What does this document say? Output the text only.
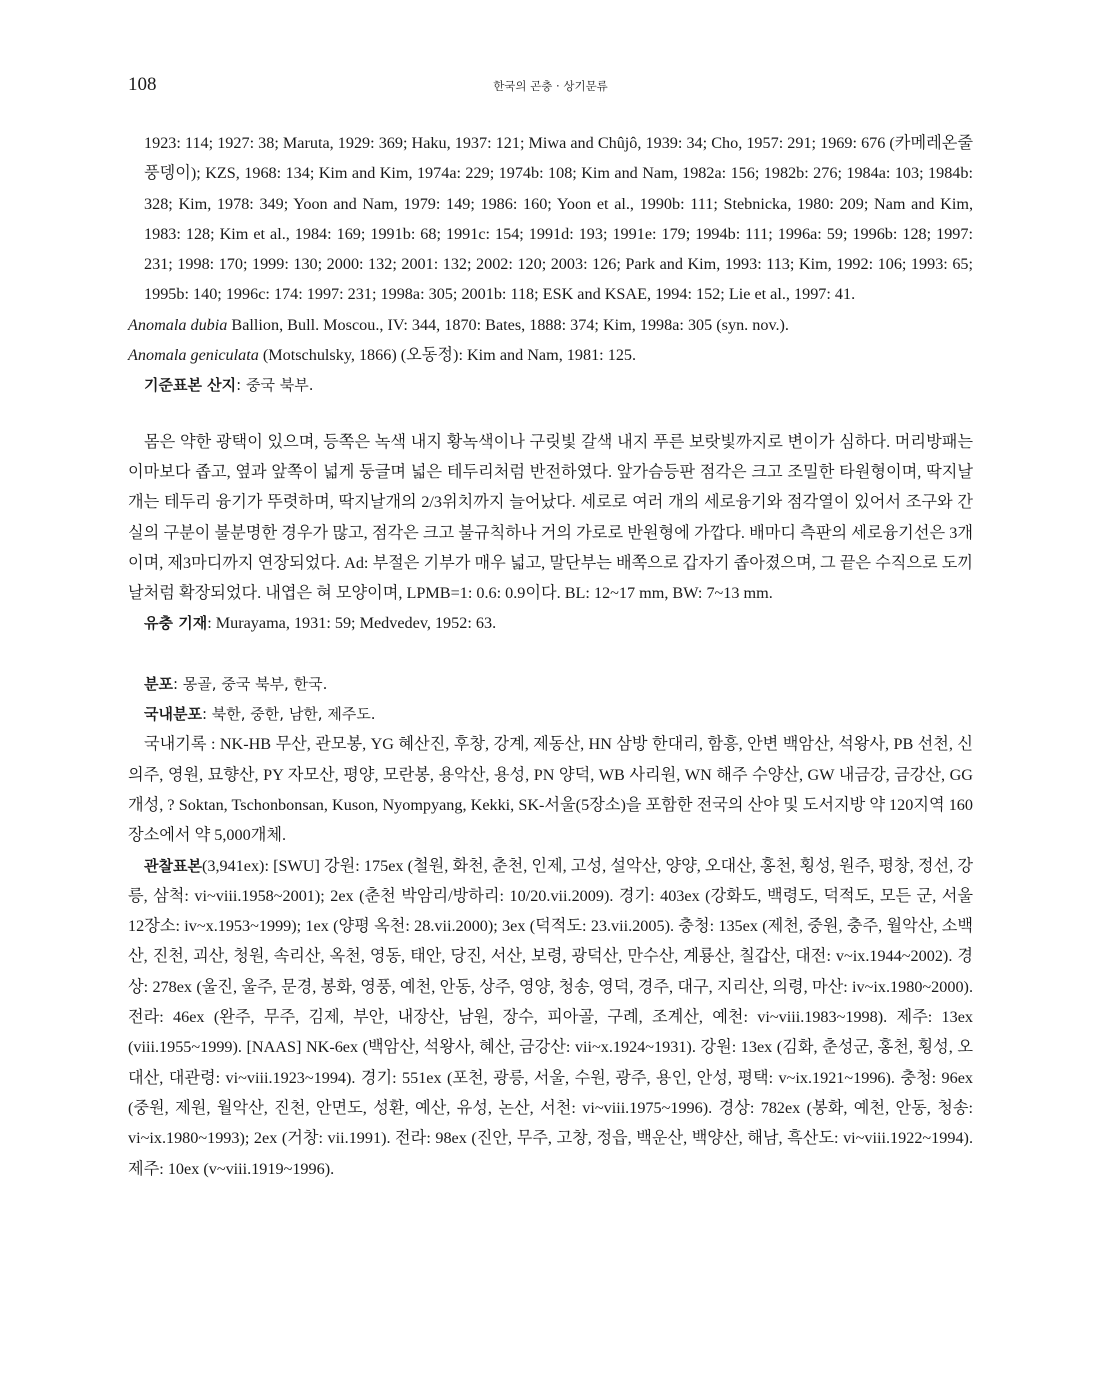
108	한국의 곤충 · 상기문류

1923: 114; 1927: 38; Maruta, 1929: 369; Haku, 1937: 121; Miwa and Chûjô, 1939: 34; Cho, 1957: 291; 1969: 676 (카메레온줄풍뎅이); KZS, 1968: 134; Kim and Kim, 1974a: 229; 1974b: 108; Kim and Nam, 1982a: 156; 1982b: 276; 1984a: 103; 1984b: 328; Kim, 1978: 349; Yoon and Nam, 1979: 149; 1986: 160; Yoon et al., 1990b: 111; Stebnicka, 1980: 209; Nam and Kim, 1983: 128; Kim et al., 1984: 169; 1991b: 68; 1991c: 154; 1991d: 193; 1991e: 179; 1994b: 111; 1996a: 59; 1996b: 128; 1997: 231; 1998: 170; 1999: 130; 2000: 132; 2001: 132; 2002: 120; 2003: 126; Park and Kim, 1993: 113; Kim, 1992: 106; 1993: 65; 1995b: 140; 1996c: 174: 1997: 231; 1998a: 305; 2001b: 118; ESK and KSAE, 1994: 152; Lie et al., 1997: 41.

Anomala dubia Ballion, Bull. Moscou., IV: 344, 1870: Bates, 1888: 374; Kim, 1998a: 305 (syn. nov.).

Anomala geniculata (Motschulsky, 1866) (오동정): Kim and Nam, 1981: 125.

기준표본 산지: 중국 북부.

몸은 약한 광택이 있으며, 등쪽은 녹색 내지 황녹색이나 구릿빛 갈색 내지 푸른 보랏빛까지로 변이가 심하다. 머리방패는 이마보다 좁고, 옆과 앞쪽이 넓게 둥글며 넓은 테두리처럼 반전하였다. 앞가슴등판 점각은 크고 조밀한 타원형이며, 딱지날개는 테두리 융기가 뚜렷하며, 딱지날개의 2/3위치까지 늘어났다. 세로로 여러 개의 세로융기와 점각열이 있어서 조구와 간실의 구분이 불분명한 경우가 많고, 점각은 크고 불규칙하나 거의 가로로 반원형에 가깝다. 배마디 측판의 세로융기선은 3개이며, 제3마디까지 연장되었다. Ad: 부절은 기부가 매우 넓고, 말단부는 배쪽으로 갑자기 좁아졌으며, 그 끝은 수직으로 도끼날처럼 확장되었다. 내엽은 혀 모양이며, LPMB=1: 0.6: 0.9이다. BL: 12~17 mm, BW: 7~13 mm.

유충 기재: Murayama, 1931: 59; Medvedev, 1952: 63.

분포: 몽골, 중국 북부, 한국.

국내분포: 북한, 중한, 남한, 제주도.

국내기록 : NK-HB 무산, 관모봉, YG 혜산진, 후창, 강계, 제동산, HN 삼방 한대리, 함흥, 안변 백암산, 석왕사, PB 선천, 신의주, 영원, 묘향산, PY 자모산, 평양, 모란봉, 용악산, 용성, PN 양덕, WB 사리원, WN 해주 수양산, GW 내금강, 금강산, GG 개성, ? Soktan, Tschonbonsan, Kuson, Nyompyang, Kekki, SK-서울(5장소)을 포함한 전국의 산야 및 도서지방 약 120지역 160장소에서 약 5,000개체.

관찰표본(3,941ex): [SWU] 강원: 175ex (철원, 화천, 춘천, 인제, 고성, 설악산, 양양, 오대산, 홍천, 횡성, 원주, 평창, 정선, 강릉, 삼척: vi~viii.1958~2001); 2ex (춘천 박암리/방하리: 10/20.vii.2009). 경기: 403ex (강화도, 백령도, 덕적도, 모든 군, 서울 12장소: iv~x.1953~1999); 1ex (양평 옥천: 28.vii.2000); 3ex (덕적도: 23.vii.2005). 충청: 135ex (제천, 중원, 충주, 월악산, 소백산, 진천, 괴산, 청원, 속리산, 옥천, 영동, 태안, 당진, 서산, 보령, 광덕산, 만수산, 계룡산, 칠갑산, 대전: v~ix.1944~2002). 경상: 278ex (울진, 울주, 문경, 봉화, 영풍, 예천, 안동, 상주, 영양, 청송, 영덕, 경주, 대구, 지리산, 의령, 마산: iv~ix.1980~2000). 전라: 46ex (완주, 무주, 김제, 부안, 내장산, 남원, 장수, 피아골, 구례, 조계산, 예천: vi~viii.1983~1998). 제주: 13ex (viii.1955~1999). [NAAS] NK-6ex (백암산, 석왕사, 혜산, 금강산: vii~x.1924~1931). 강원: 13ex (김화, 춘성군, 홍천, 횡성, 오대산, 대관령: vi~viii.1923~1994). 경기: 551ex (포천, 광릉, 서울, 수원, 광주, 용인, 안성, 평택: v~ix.1921~1996). 충청: 96ex (중원, 제원, 월악산, 진천, 안면도, 성환, 예산, 유성, 논산, 서천: vi~viii.1975~1996). 경상: 782ex (봉화, 예천, 안동, 청송: vi~ix.1980~1993); 2ex (거창: vii.1991). 전라: 98ex (진안, 무주, 고창, 정읍, 백운산, 백양산, 해남, 흑산도: vi~viii.1922~1994). 제주: 10ex (v~viii.1919~1996).
